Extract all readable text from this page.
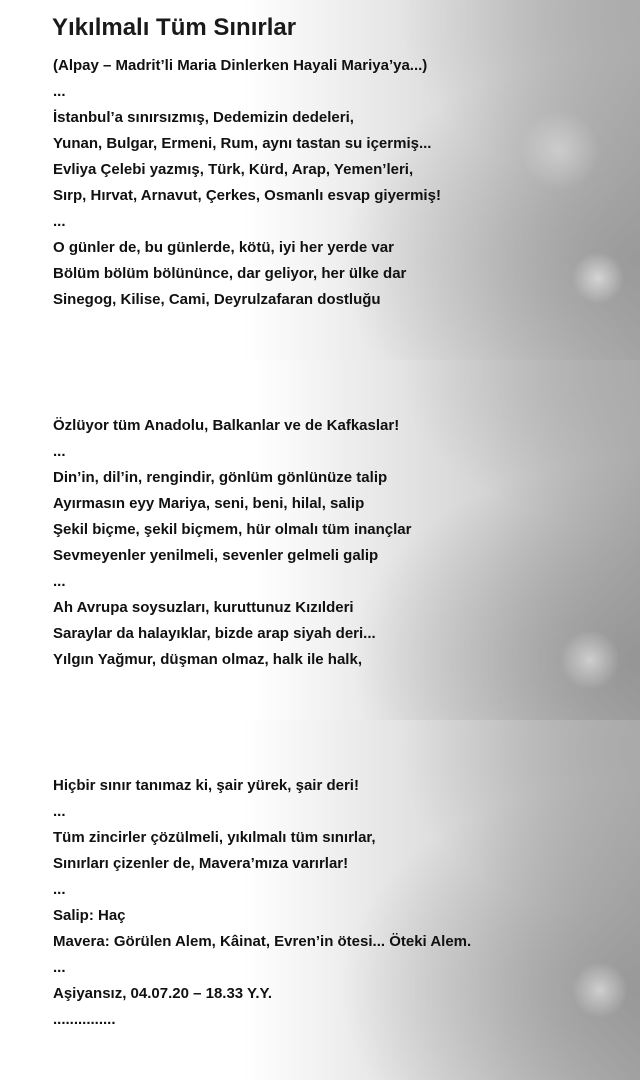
Yıkılmalı Tüm Sınırlar
(Alpay – Madrit’li Maria Dinlerken Hayali Mariya’ya...)
...
İstanbul’a sınırsızmış, Dedemizin dedeleri,
Yunan, Bulgar, Ermeni, Rum, aynı tastan su içermiş...
Evliya Çelebi yazmış, Türk, Kürd, Arap, Yemen’leri,
Sırp, Hırvat, Arnavut, Çerkes, Osmanlı esvap giyermiş!
...
O günler de, bu günlerde, kötü, iyi her yerde var
Bölüm bölüm bölününce, dar geliyor, her ülke dar
Sinegog, Kilise, Cami, Deyrulzafaran dostluğu
Özlüyor tüm Anadolu, Balkanlar ve de Kafkaslar!
...
Din’in, dil’in, rengindir, gönlüm gönlünüze talip
Ayırmasın eyy Mariya, seni, beni, hilal, salip
Şekil biçme, şekil biçmem, hür olmalı tüm inançlar
Sevmeyenler yenilmeli, sevenler gelmeli galip
...
Ah Avrupa soysuzları, kuruttunuz Kızılderi
Saraylar da halayıklar, bizde arap siyah deri...
Yılgın Yağmur, düşman olmaz, halk ile halk,
Hiçbir sınır tanımaz ki, şair yürek, şair deri!
...
Tüm zincirler çözülmeli, yıkılmalı tüm sınırlar,
Sınırları çizenler de, Mavera’mıza varırlar!
...
Salip: Haç
Mavera: Görülen Alem, Kâinat, Evren’in ötesi... Öteki Alem.
...
Aşiyansız, 04.07.20 – 18.33 Y.Y.
...............
